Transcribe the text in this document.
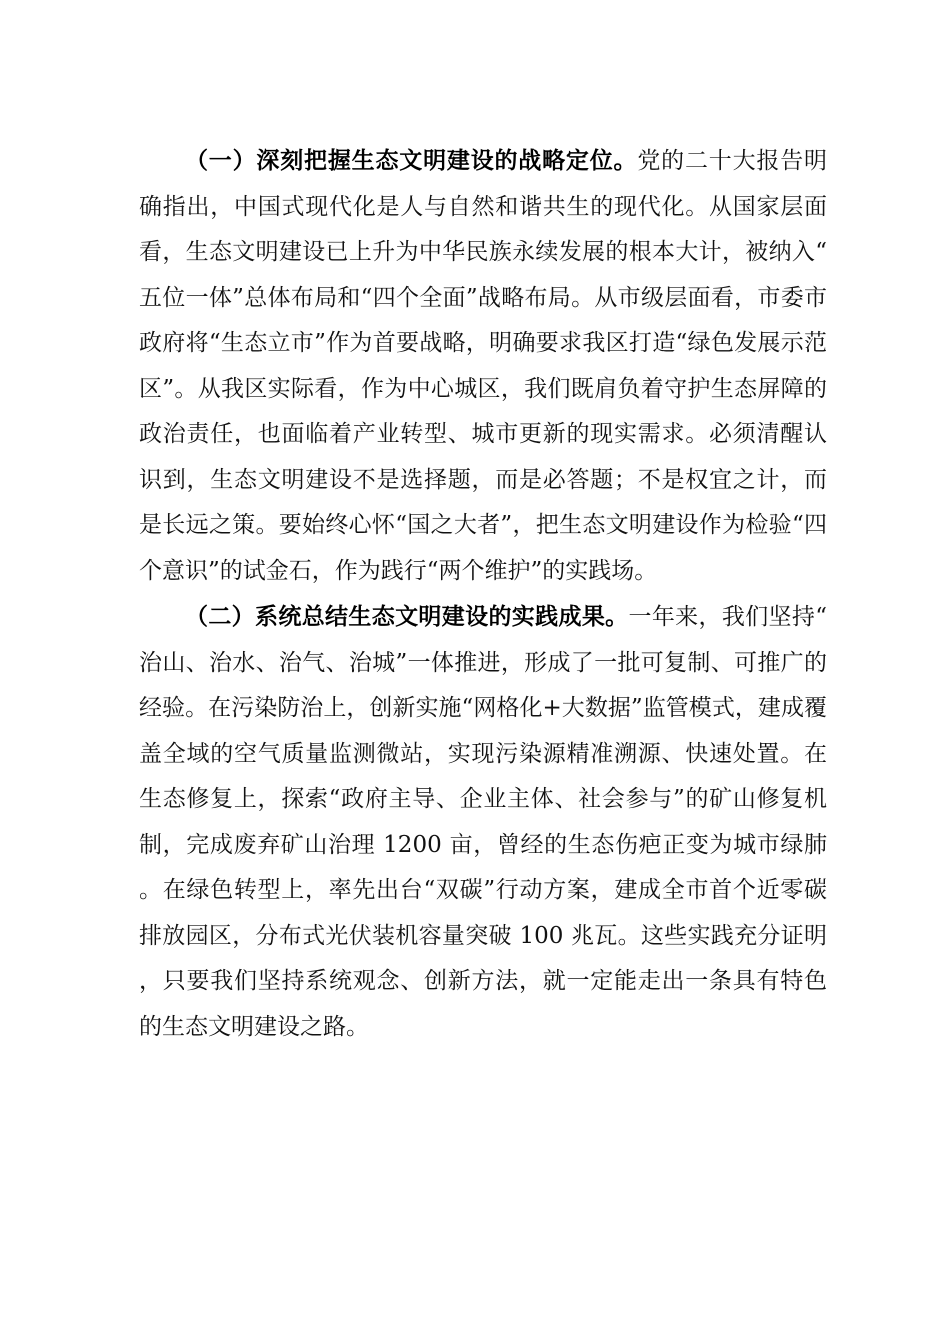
（一）深刻把握生态文明建设的战略定位。党的二十大报告明确指出，中国式现代化是人与自然和谐共生的现代化。从国家层面看，生态文明建设已上升为中华民族永续发展的根本大计，被纳入“五位一体”总体布局和“四个全面”战略布局。从市级层面看，市委市政府将“生态立市”作为首要战略，明确要求我区打造“绿色发展示范区”。从我区实际看，作为中心城区，我们既肩负着守护生态屏障的政治责任，也面临着产业转型、城市更新的现实需求。必须清醒认识到，生态文明建设不是选择题，而是必答题；不是权宜之计，而是长远之策。要始终心怀“国之大者”，把生态文明建设作为检验“四个意识”的试金石，作为践行“两个维护”的实践场。

（二）系统总结生态文明建设的实践成果。一年来，我们坚持“治山、治水、治气、治城”一体推进，形成了一批可复制、可推广的经验。在污染防治上，创新实施“网格化+大数据”监管模式，建成覆盖全域的空气质量监测微站，实现污染源精准溯源、快速处置。在生态修复上，探索“政府主导、企业主体、社会参与”的矿山修复机制，完成废弃矿山治理 1200 亩，曾经的生态伤疤正变为城市绿肺。在绿色转型上，率先出台“双碳”行动方案，建成全市首个近零碳排放园区，分布式光伏装机容量突破 100 兆瓦。这些实践充分证明，只要我们坚持系统观念、创新方法，就一定能走出一条具有特色的生态文明建设之路。
